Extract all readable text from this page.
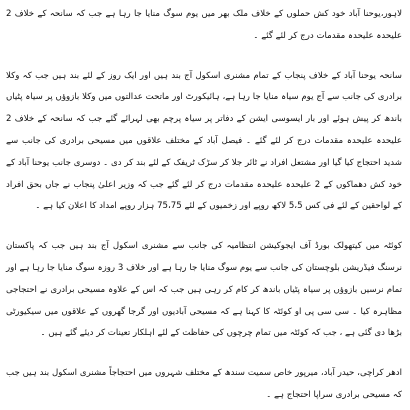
لاہور،یوحنا آباد خود کش حملوں کے خلاف ملک بھر میں یوم سوگ منایا جا رہا ہے جب کہ سانحہ کے خلاف 2 علیحدہ علیحدہ مقدمات درج کر لئے گئے ۔

سانحہ یوحنا آباد کے خلاف پنجاب کے تمام مشنری اسکول آج بند ہیں اور ایک روز کے لئے بند ہیں جب کہ وکلا برادری کی جانب سے آج یوم سیاہ منایا جا رہا ہے، ہائیکورٹ اور ماتحت عدالتوں میں وکلا بازوؤں پر سیاہ پٹیاں باندھ کر پیش ہوئے اور بار ایسوسی ایشن کے دفاتر پر سیاہ پرچم بھی لہرائے گئے جب کہ سانحہ کے خلاف 2 علیحدہ علیحدہ مقدمات درج کر لئے گئے ۔ فیصل آباد کے مختلف علاقوں میں مسیحی برادری کی جانب سے شدید احتجاج کیا گیا اور مشتعل افراد نے ٹائر جلا کر سڑک ٹریفک کے لئے بند کر دی ۔ دوسری جانب یوحنا آباد کے خود کش دھماکوں کے 2 علیحدہ علیحدہ مقدمات درج کر لئے گئے جب کہ وزیر اعلیٰ پنجاب نے جاں بحق افراد کے لواحقین کے لئے فی کس 5،5 لاکھ روپے اور زخمیوں کے لئے 75،75 ہزار روپے امداد کا اعلان کیا ہے ۔

کوئٹہ میں کیتھولک بورڈ آف ایجوکیشن انتظامیہ کی جانب سے مشنری اسکول آج بند ہیں جب کہ پاکستان نرسنگ فیڈریشن بلوچستان کی جانب سے یوم سوگ منایا جا رہا ہے اور خلاف 3 روزہ سوگ منایا جا رہا ہے اور تمام نرسیں بازوؤں پر سیاہ پٹیاں باندھ کر کام کر رہی ہیں جب کہ اس کے علاوہ مسیحی برادری نے احتجاجی مظاہرہ کیا ۔ سی سی پی او کوئٹہ کا کہنا ہے کہ مسیحی آبادیوں اور گرجا گھروں کے علاقوں میں سیکیورٹی بڑھا دی گئی ہے ، جب کہ کوئٹہ میں تمام چرچوں کی حفاظت کے لئے اہلکار تعینات کر دیئے گئے ہیں ۔

ادھر کراچی، حیدر آباد، میرپور خاص سمیت سندھ کے مختلف شہروں میں احتجاجاً مشنری اسکول بند ہیں جب کہ مسیحی برادری سراپا احتجاج ہے ۔
